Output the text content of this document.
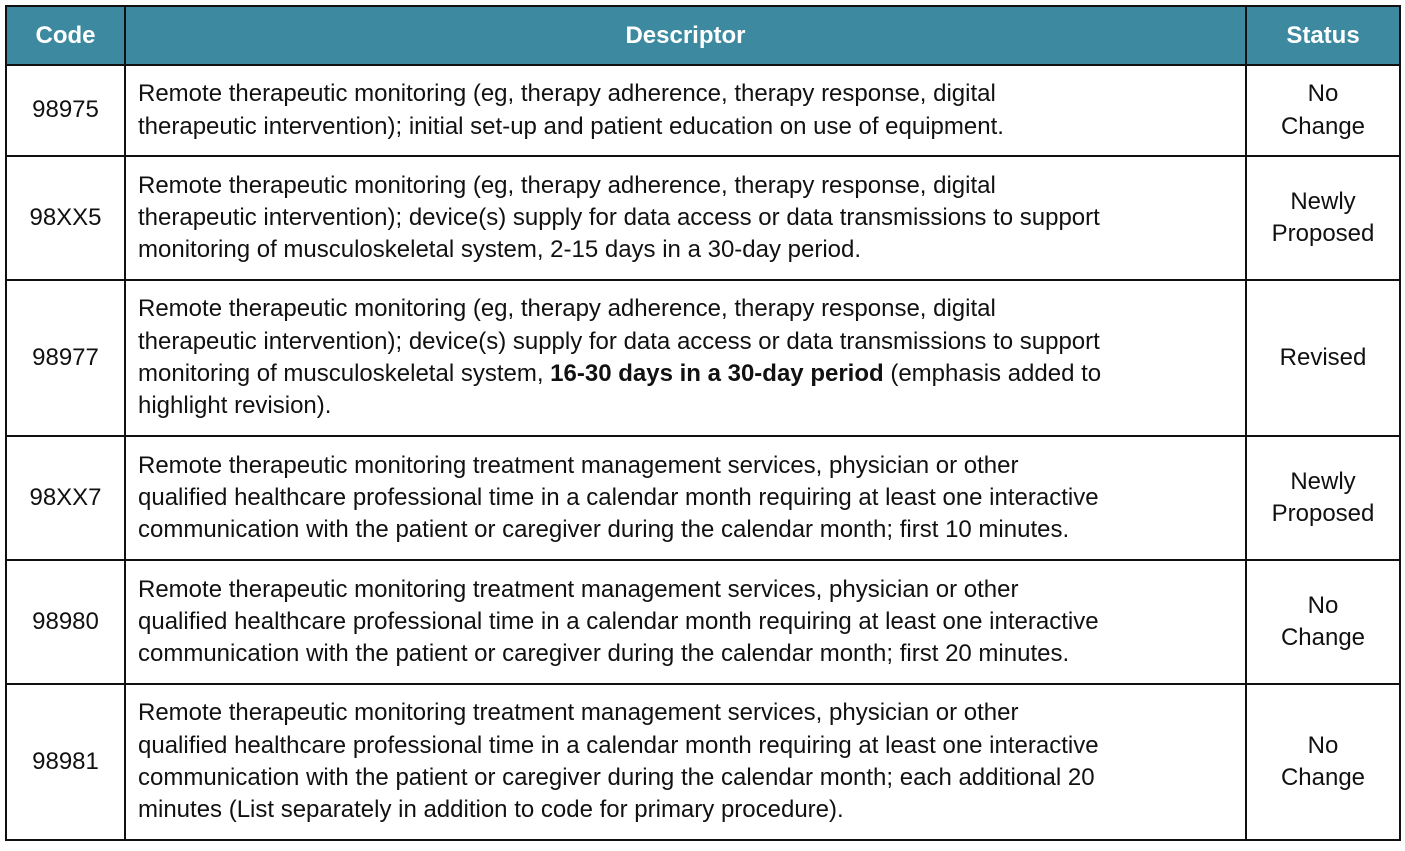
Code	Descriptor	Status
98975	Remote therapeutic monitoring (eg, therapy adherence, therapy response, digital
therapeutic intervention); initial set-up and patient education on use of equipment.	No
Change

98XX5	Remote therapeutic monitoring (eg, therapy adherence, therapy response, digital
therapeutic intervention); device(s) supply for data access or data transmissions to support
monitoring of musculoskeletal system, 2-15 days in a 30-day period.	Newly
Proposed

98977	Remote therapeutic monitoring (eg, therapy adherence, therapy response, digital
therapeutic intervention); device(s) supply for data access or data transmissions to support
monitoring of musculoskeletal system, 16-30 days in a 30-day period (emphasis added to
highlight revision).	Revised

98XX7	Remote therapeutic monitoring treatment management services, physician or other
qualified healthcare professional time in a calendar month requiring at least one interactive
communication with the patient or caregiver during the calendar month; first 10 minutes.	Newly
Proposed

98980	Remote therapeutic monitoring treatment management services, physician or other
qualified healthcare professional time in a calendar month requiring at least one interactive
communication with the patient or caregiver during the calendar month; first 20 minutes.	No
Change

98981	Remote therapeutic monitoring treatment management services, physician or other
qualified healthcare professional time in a calendar month requiring at least one interactive
communication with the patient or caregiver during the calendar month; each additional 20
minutes (List separately in addition to code for primary procedure).	No
Change
